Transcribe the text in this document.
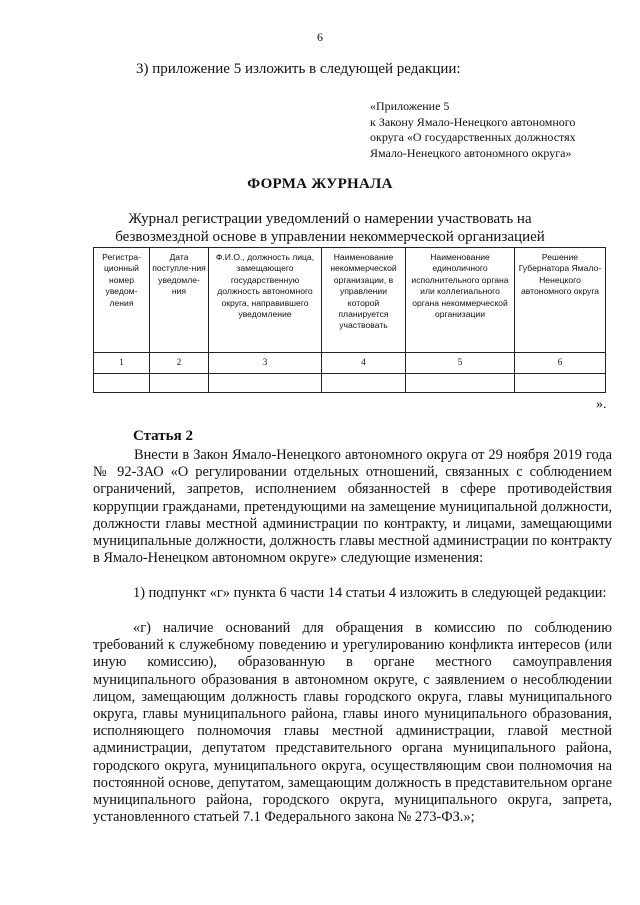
6
3) приложение 5 изложить в следующей редакции:
«Приложение 5
к Закону Ямало-Ненецкого автономного
округа «О государственных должностях
Ямало-Ненецкого автономного округа»
ФОРМА ЖУРНАЛА
Журнал регистрации уведомлений о намерении участвовать на безвозмездной основе в управлении некоммерческой организацией
Регистра-ционный номер уведом-ления	Дата поступле-ния уведомле-ния	Ф.И.О., должность лица, замещающего государственную должность автономного округа, направившего уведомление	Наименование некоммерческой организации, в управлении которой планируется участвовать	Наименование единоличного исполнительного органа или коллегиального органа некоммерческой организации	Решение Губернатора Ямало-Ненецкого автономного округа
1	2	3	4	5	6

».
Статья 2

Внести в Закон Ямало-Ненецкого автономного округа от 29 ноября 2019 года № 92-ЗАО «О регулировании отдельных отношений, связанных с соблюдением ограничений, запретов, исполнением обязанностей в сфере противодействия коррупции гражданами, претендующими на замещение муниципальной должности, должности главы местной администрации по контракту, и лицами, замещающими муниципальные должности, должность главы местной администрации по контракту в Ямало-Ненецком автономном округе» следующие изменения:

1) подпункт «г» пункта 6 части 14 статьи 4 изложить в следующей редакции:

«г) наличие оснований для обращения в комиссию по соблюдению требований к служебному поведению и урегулированию конфликта интересов (или иную комиссию), образованную в органе местного самоуправления муниципального образования в автономном округе, с заявлением о несоблюдении лицом, замещающим должность главы городского округа, главы муниципального округа, главы муниципального района, главы иного муниципального образования, исполняющего полномочия главы местной администрации, главой местной администрации, депутатом представительного органа муниципального района, городского округа, муниципального округа, осуществляющим свои полномочия на постоянной основе, депутатом, замещающим должность в представительном органе муниципального района, городского округа, муниципального округа, запрета, установленного статьей 7.1 Федерального закона № 273-ФЗ.»;
